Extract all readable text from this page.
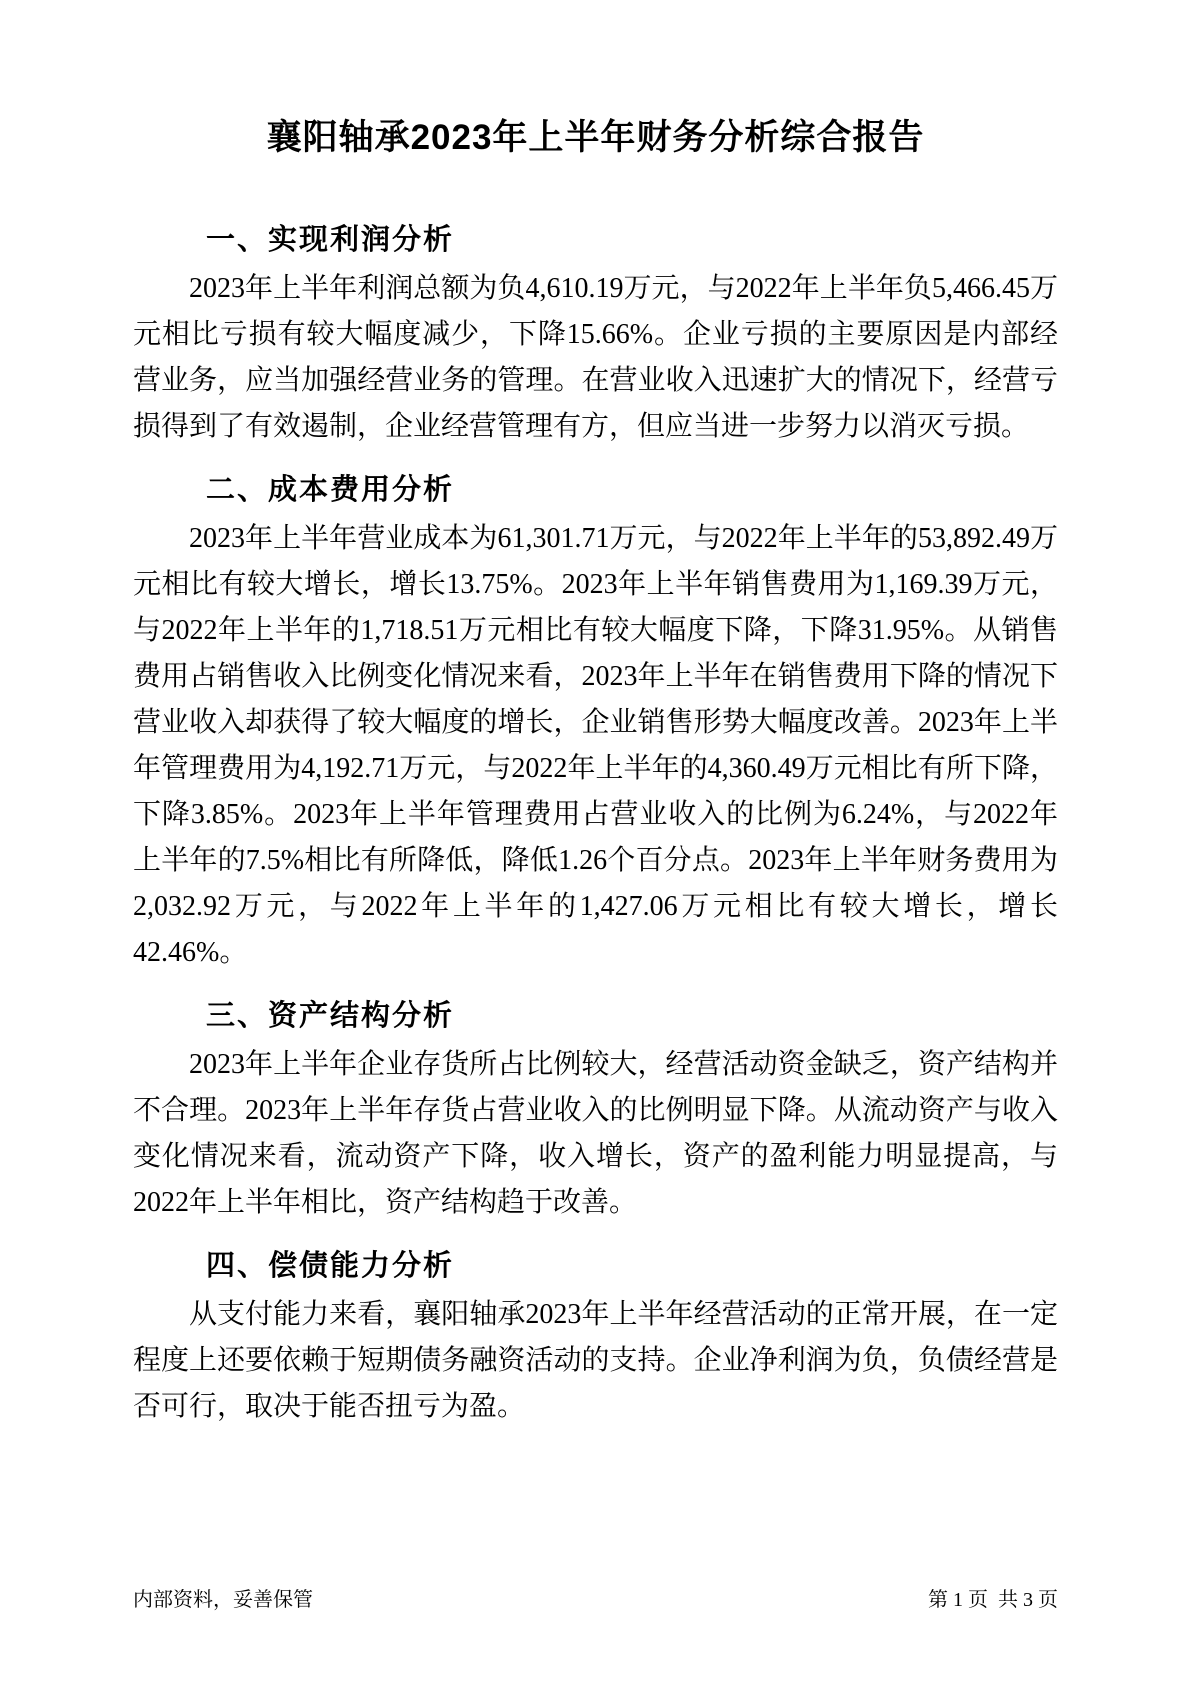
襄阳轴承2023年上半年财务分析综合报告
一、实现利润分析

2023年上半年利润总额为负4,610.19万元，与2022年上半年负5,466.45万元相比亏损有较大幅度减少，下降15.66%。企业亏损的主要原因是内部经营业务，应当加强经营业务的管理。在营业收入迅速扩大的情况下，经营亏损得到了有效遏制，企业经营管理有方，但应当进一步努力以消灭亏损。

二、成本费用分析

2023年上半年营业成本为61,301.71万元，与2022年上半年的53,892.49万元相比有较大增长，增长13.75%。2023年上半年销售费用为1,169.39万元，与2022年上半年的1,718.51万元相比有较大幅度下降，下降31.95%。从销售费用占销售收入比例变化情况来看，2023年上半年在销售费用下降的情况下营业收入却获得了较大幅度的增长，企业销售形势大幅度改善。2023年上半年管理费用为4,192.71万元，与2022年上半年的4,360.49万元相比有所下降，下降3.85%。2023年上半年管理费用占营业收入的比例为6.24%，与2022年上半年的7.5%相比有所降低，降低1.26个百分点。2023年上半年财务费用为2,032.92万元，与2022年上半年的1,427.06万元相比有较大增长，增长42.46%。

三、资产结构分析

2023年上半年企业存货所占比例较大，经营活动资金缺乏，资产结构并不合理。2023年上半年存货占营业收入的比例明显下降。从流动资产与收入变化情况来看，流动资产下降，收入增长，资产的盈利能力明显提高，与2022年上半年相比，资产结构趋于改善。

四、偿债能力分析

从支付能力来看，襄阳轴承2023年上半年经营活动的正常开展，在一定程度上还要依赖于短期债务融资活动的支持。企业净利润为负，负债经营是否可行，取决于能否扭亏为盈。

内部资料，妥善保管	第 1 页  共 3 页
